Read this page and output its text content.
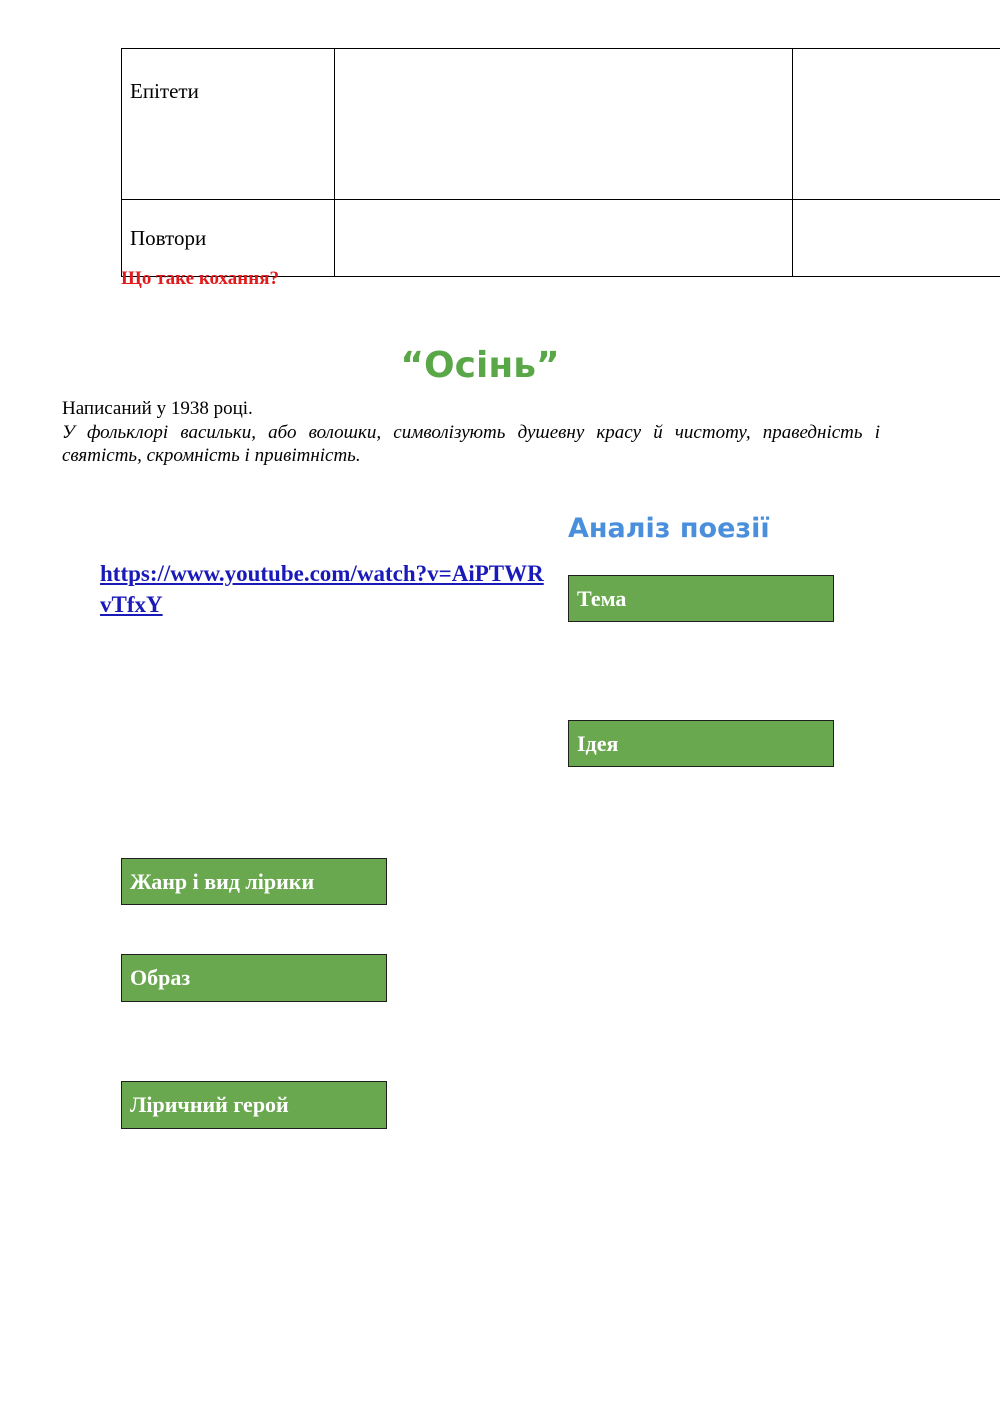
Епітети		
Повтори		
Що таке кохання?
“Осінь”
Написаний у 1938 році.
У фольклорі васильки, або волошки, символізують душевну красу й чистоту, праведність і святість, скромність і привітність.
Аналіз поезії
https://www.youtube.com/watch?v=AiPTWRvTfxY	Тема
Ідея
Жанр і вид лірики
Образ
Ліричний герой
